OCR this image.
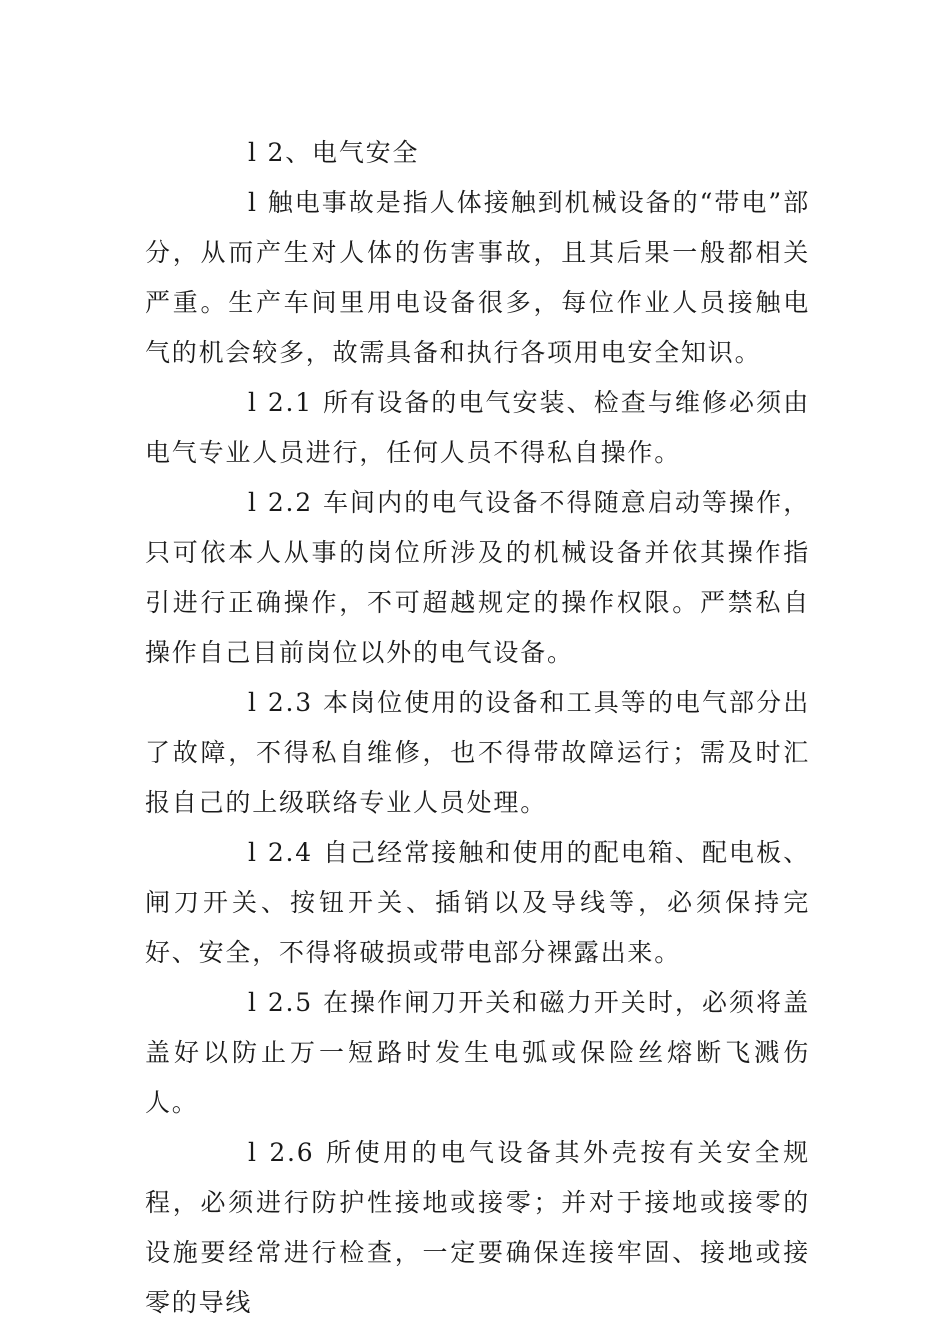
l 2、电气安全

l 触电事故是指人体接触到机械设备的“带电”部分，从而产生对人体的伤害事故，且其后果一般都相关严重。生产车间里用电设备很多，每位作业人员接触电气的机会较多，故需具备和执行各项用电安全知识。

l 2.1 所有设备的电气安装、检查与维修必须由电气专业人员进行，任何人员不得私自操作。

l 2.2 车间内的电气设备不得随意启动等操作，只可依本人从事的岗位所涉及的机械设备并依其操作指引进行正确操作，不可超越规定的操作权限。严禁私自操作自己目前岗位以外的电气设备。

l 2.3 本岗位使用的设备和工具等的电气部分出了故障，不得私自维修，也不得带故障运行；需及时汇报自己的上级联络专业人员处理。

l 2.4 自己经常接触和使用的配电箱、配电板、闸刀开关、按钮开关、插销以及导线等，必须保持完好、安全，不得将破损或带电部分裸露出来。

l 2.5 在操作闸刀开关和磁力开关时，必须将盖盖好以防止万一短路时发生电弧或保险丝熔断飞溅伤人。

l 2.6 所使用的电气设备其外壳按有关安全规程，必须进行防护性接地或接零；并对于接地或接零的设施要经常进行检查，一定要确保连接牢固、接地或接零的导线
